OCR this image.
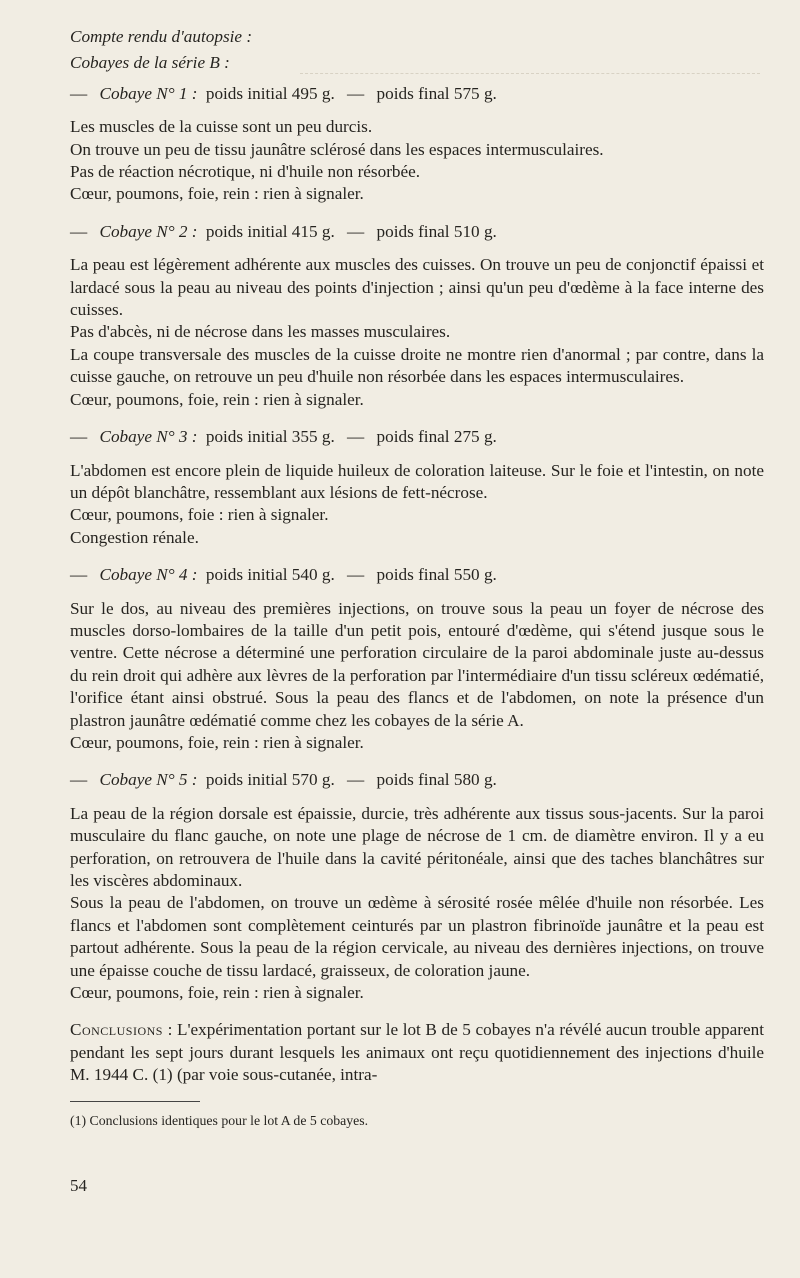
Compte rendu d'autopsie :

Cobayes de la série B :

— Cobaye N° 1 : poids initial 495 g. — poids final 575 g.

Les muscles de la cuisse sont un peu durcis.

On trouve un peu de tissu jaunâtre sclérosé dans les espaces intermusculaires.

Pas de réaction nécrotique, ni d'huile non résorbée.

Cœur, poumons, foie, rein : rien à signaler.

— Cobaye N° 2 : poids initial 415 g. — poids final 510 g.

La peau est légèrement adhérente aux muscles des cuisses. On trouve un peu de conjonctif épaissi et lardacé sous la peau au niveau des points d'injection ; ainsi qu'un peu d'œdème à la face interne des cuisses.

Pas d'abcès, ni de nécrose dans les masses musculaires.

La coupe transversale des muscles de la cuisse droite ne montre rien d'anormal ; par contre, dans la cuisse gauche, on retrouve un peu d'huile non résorbée dans les espaces intermusculaires.

Cœur, poumons, foie, rein : rien à signaler.

— Cobaye N° 3 : poids initial 355 g. — poids final 275 g.

L'abdomen est encore plein de liquide huileux de coloration laiteuse. Sur le foie et l'intestin, on note un dépôt blanchâtre, ressemblant aux lésions de fett-nécrose.

Cœur, poumons, foie : rien à signaler.

Congestion rénale.

— Cobaye N° 4 : poids initial 540 g. — poids final 550 g.

Sur le dos, au niveau des premières injections, on trouve sous la peau un foyer de nécrose des muscles dorso-lombaires de la taille d'un petit pois, entouré d'œdème, qui s'étend jusque sous le ventre. Cette nécrose a déterminé une perforation circulaire de la paroi abdominale juste au-dessus du rein droit qui adhère aux lèvres de la perforation par l'intermédiaire d'un tissu scléreux œdématié, l'orifice étant ainsi obstrué. Sous la peau des flancs et de l'abdomen, on note la présence d'un plastron jaunâtre œdématié comme chez les cobayes de la série A.

Cœur, poumons, foie, rein : rien à signaler.

— Cobaye N° 5 : poids initial 570 g. — poids final 580 g.

La peau de la région dorsale est épaissie, durcie, très adhérente aux tissus sous-jacents. Sur la paroi musculaire du flanc gauche, on note une plage de nécrose de 1 cm. de diamètre environ. Il y a eu perforation, on retrouvera de l'huile dans la cavité péritonéale, ainsi que des taches blanchâtres sur les viscères abdominaux.

Sous la peau de l'abdomen, on trouve un œdème à sérosité rosée mêlée d'huile non résorbée. Les flancs et l'abdomen sont complètement ceinturés par un plastron fibrinoïde jaunâtre et la peau est partout adhérente. Sous la peau de la région cervicale, au niveau des dernières injections, on trouve une épaisse couche de tissu lardacé, graisseux, de coloration jaune.

Cœur, poumons, foie, rein : rien à signaler.

Conclusions : L'expérimentation portant sur le lot B de 5 cobayes n'a révélé aucun trouble apparent pendant les sept jours durant lesquels les animaux ont reçu quotidiennement des injections d'huile M. 1944 C. (1) (par voie sous-cutanée, intra-

(1) Conclusions identiques pour le lot A de 5 cobayes.

54
